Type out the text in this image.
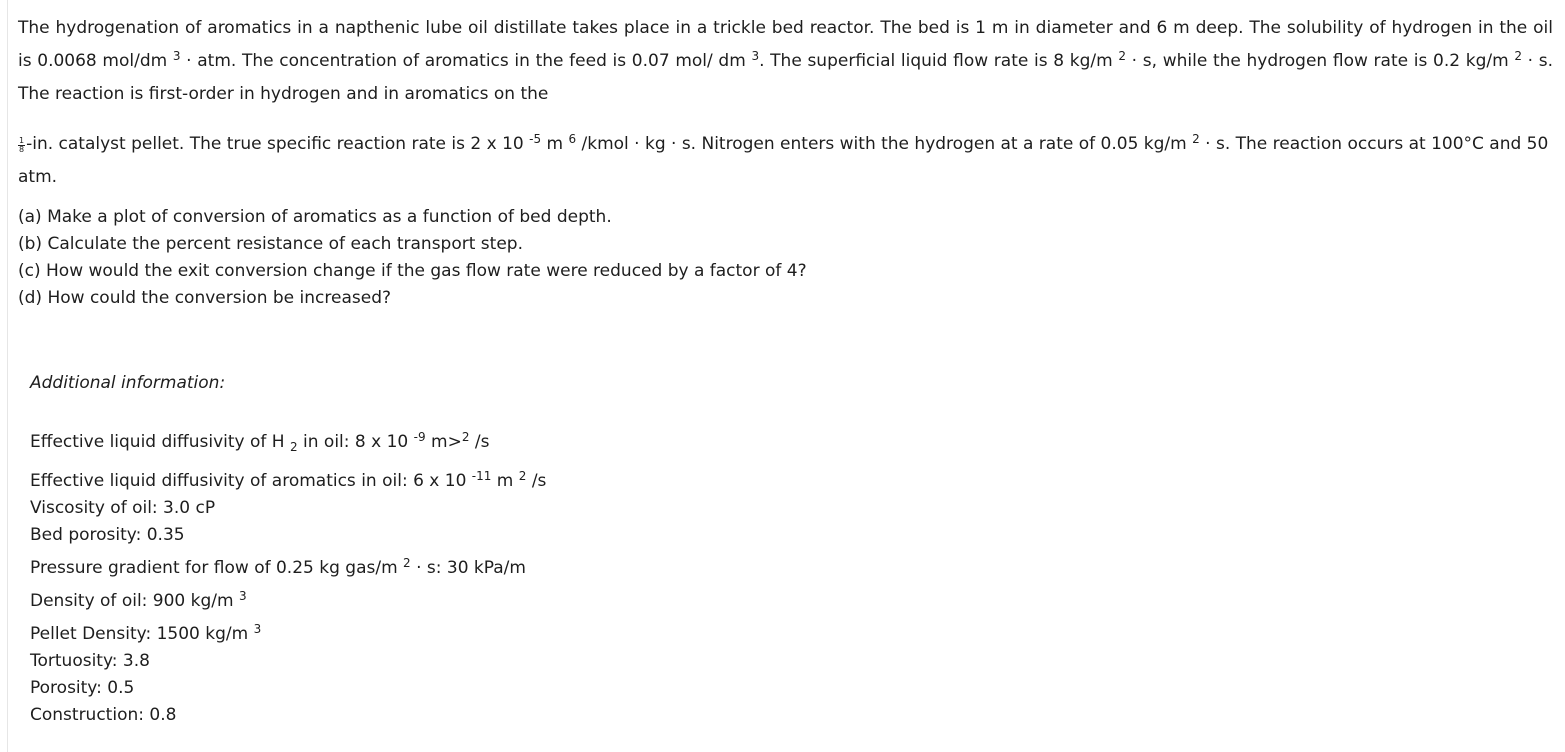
The hydrogenation of aromatics in a napthenic lube oil distillate takes place in a trickle bed reactor. The bed is 1 m in diameter and 6 m deep. The solubility of hydrogen in the oil is 0.0068 mol/dm $^3$ · atm. The concentration of aromatics in the feed is 0.07 mol/ dm $^3$. The superficial liquid flow rate is 8 kg/m $^2$ · s, while the hydrogen flow rate is 0.2 kg/m $^2$ · s. The reaction is first-order in hydrogen and in aromatics on the

$\frac{1}{8} -in$. catalyst pellet. The true specific reaction rate is 2 x 10 $^{-5}$ m $^6$ /kmol · kg · s. Nitrogen enters with the hydrogen at a rate of 0.05 kg/m $^2$ · s. The reaction occurs at 100°C and 50 atm.

(a) Make a plot of conversion of aromatics as a function of bed depth.
(b) Calculate the percent resistance of each transport step.
(c) How would the exit conversion change if the gas flow rate were reduced by a factor of 4?
(d) How could the conversion be increased?

Additional information:

Effective liquid diffusivity of H $_2$ in oil: 8 x 10 $^{-9}$ m>$^2$ /s
Effective liquid diffusivity of aromatics in oil: 6 x 10 $^{-11}$ m $^2$ /s
Viscosity of oil: 3.0 cP
Bed porosity: 0.35
Pressure gradient for flow of 0.25 kg gas/m $^2$ · s: 30 kPa/m
Density of oil: 900 kg/m $^3$
Pellet Density: 1500 kg/m $^3$
Tortuosity: 3.8
Porosity: 0.5
Construction: 0.8
